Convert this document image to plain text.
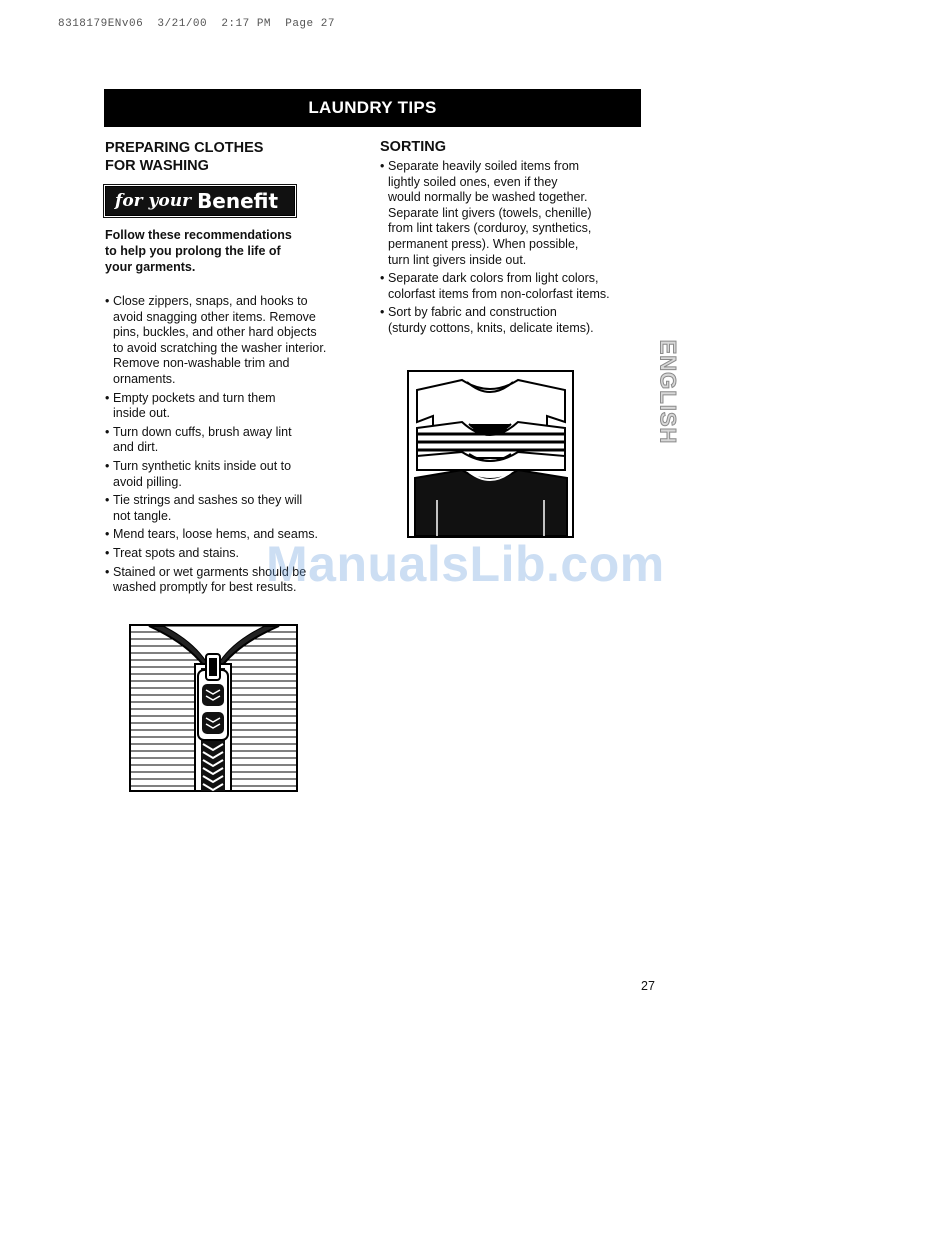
8318179ENv06  3/21/00  2:17 PM  Page 27
LAUNDRY TIPS
PREPARING CLOTHES
FOR WASHING
for your Benefit
Follow these recommendations
to help you prolong the life of
your garments.
• Close zippers, snaps, and hooks to
avoid snagging other items. Remove
pins, buckles, and other hard objects
to avoid scratching the washer interior.
Remove non-washable trim and
ornaments.
• Empty pockets and turn them
inside out.
• Turn down cuffs, brush away lint
and dirt.
• Turn synthetic knits inside out to
avoid pilling.
• Tie strings and sashes so they will
not tangle.
• Mend tears, loose hems, and seams.
• Treat spots and stains.
• Stained or wet garments should be
washed promptly for best results.
SORTING
• Separate heavily soiled items from
lightly soiled ones, even if they
would normally be washed together.
Separate lint givers (towels, chenille)
from lint takers (corduroy, synthetics,
permanent press). When possible,
turn lint givers inside out.
• Separate dark colors from light colors,
colorfast items from non-colorfast items.
• Sort by fabric and construction
(sturdy cottons, knits, delicate items).
ENGLISH
ManualsLib.com
27
